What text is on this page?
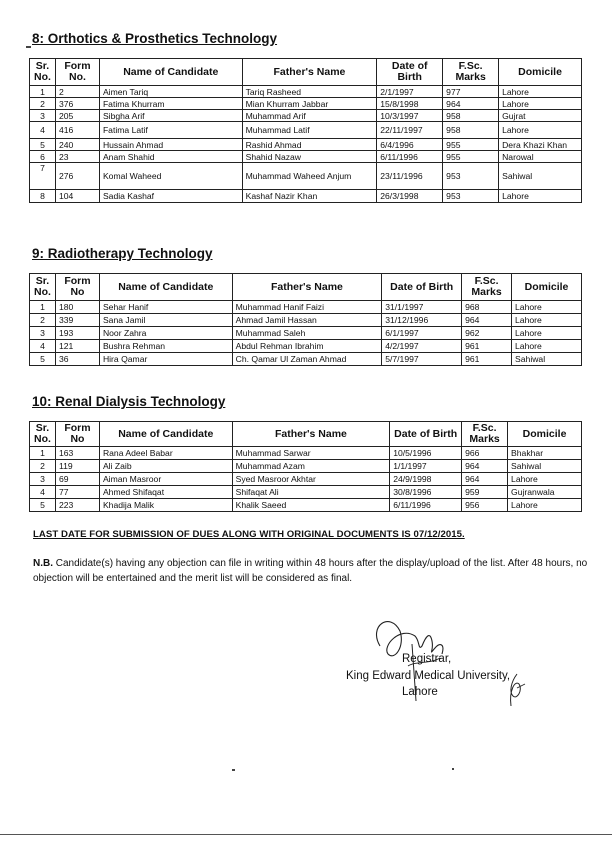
8: Orthotics & Prosthetics Technology
Sr. No.	Form No.	Name of Candidate	Father's Name	Date of Birth	F.Sc. Marks	Domicile
1	2	Aimen Tariq	Tariq Rasheed	2/1/1997	977	Lahore
2	376	Fatima Khurram	Mian Khurram Jabbar	15/8/1998	964	Lahore
3	205	Sibgha Arif	Muhammad Arif	10/3/1997	958	Gujrat
4	416	Fatima Latif	Muhammad Latif	22/11/1997	958	Lahore
5	240	Hussain Ahmad	Rashid Ahmad	6/4/1996	955	Dera Khazi Khan
6	23	Anam Shahid	Shahid Nazaw	6/11/1996	955	Narowal
7	276	Komal Waheed	Muhammad Waheed Anjum	23/11/1996	953	Sahiwal
8	104	Sadia Kashaf	Kashaf Nazir Khan	26/3/1998	953	Lahore
9: Radiotherapy Technology
Sr. No.	Form No	Name of Candidate	Father's Name	Date of Birth	F.Sc. Marks	Domicile
1	180	Sehar Hanif	Muhammad Hanif Faizi	31/1/1997	968	Lahore
2	339	Sana Jamil	Ahmad Jamil Hassan	31/12/1996	964	Lahore
3	193	Noor Zahra	Muhammad Saleh	6/1/1997	962	Lahore
4	121	Bushra Rehman	Abdul Rehman Ibrahim	4/2/1997	961	Lahore
5	36	Hira Qamar	Ch. Qamar Ul Zaman Ahmad	5/7/1997	961	Sahiwal
10: Renal Dialysis Technology
Sr. No.	Form No	Name of Candidate	Father's Name	Date of Birth	F.Sc. Marks	Domicile
1	163	Rana Adeel Babar	Muhammad Sarwar	10/5/1996	966	Bhakhar
2	119	Ali Zaib	Muhammad Azam	1/1/1997	964	Sahiwal
3	69	Aiman Masroor	Syed Masroor Akhtar	24/9/1998	964	Lahore
4	77	Ahmed Shifaqat	Shifaqat Ali	30/8/1996	959	Gujranwala
5	223	Khadija Malik	Khalik Saeed	6/11/1996	956	Lahore
LAST DATE FOR SUBMISSION OF DUES ALONG WITH ORIGINAL DOCUMENTS IS 07/12/2015.
N.B. Candidate(s) having any objection can file in writing within 48 hours after the display/upload of the list. After 48 hours, no objection will be entertained and the merit list will be considered as final.
Registrar,
King Edward Medical University,
Lahore
